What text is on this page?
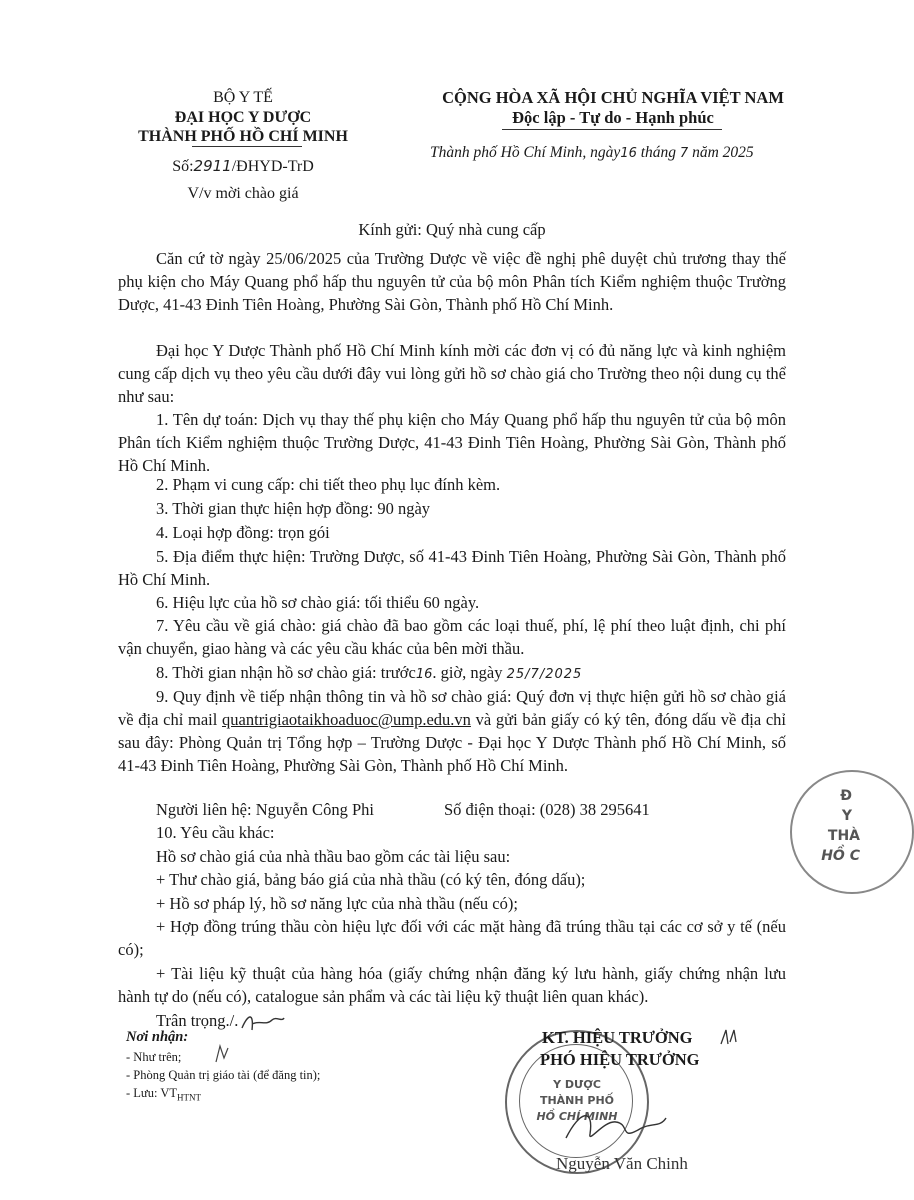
BỘ Y TẾ
ĐẠI HỌC Y DƯỢC
THÀNH PHỐ HỒ CHÍ MINH
Số:2911/ĐHYD-TrD
V/v mời chào giá
CỘNG HÒA XÃ HỘI CHỦ NGHĨA VIỆT NAM
Độc lập - Tự do - Hạnh phúc
Thành phố Hồ Chí Minh, ngày16 tháng 7 năm 2025
Kính gửi: Quý nhà cung cấp
Căn cứ tờ ngày 25/06/2025 của Trường Dược về việc đề nghị phê duyệt chủ trương thay thế phụ kiện cho Máy Quang phổ hấp thu nguyên tử của bộ môn Phân tích Kiểm nghiệm thuộc Trường Dược, 41-43 Đinh Tiên Hoàng, Phường Sài Gòn, Thành phố Hồ Chí Minh.
Đại học Y Dược Thành phố Hồ Chí Minh kính mời các đơn vị có đủ năng lực và kinh nghiệm cung cấp dịch vụ theo yêu cầu dưới đây vui lòng gửi hồ sơ chào giá cho Trường theo nội dung cụ thể như sau:
1. Tên dự toán: Dịch vụ thay thế phụ kiện cho Máy Quang phổ hấp thu nguyên tử của bộ môn Phân tích Kiểm nghiệm thuộc Trường Dược, 41-43 Đinh Tiên Hoàng, Phường Sài Gòn, Thành phố Hồ Chí Minh.
2. Phạm vi cung cấp: chi tiết theo phụ lục đính kèm.
3. Thời gian thực hiện hợp đồng: 90 ngày
4. Loại hợp đồng: trọn gói
5. Địa điểm thực hiện: Trường Dược, số 41-43 Đinh Tiên Hoàng, Phường Sài Gòn, Thành phố Hồ Chí Minh.
6. Hiệu lực của hồ sơ chào giá: tối thiểu 60 ngày.
7. Yêu cầu về giá chào: giá chào đã bao gồm các loại thuế, phí, lệ phí theo luật định, chi phí vận chuyển, giao hàng và các yêu cầu khác của bên mời thầu.
8. Thời gian nhận hồ sơ chào giá: trước16. giờ, ngày 25/7/2025
9. Quy định về tiếp nhận thông tin và hồ sơ chào giá: Quý đơn vị thực hiện gửi hồ sơ chào giá về địa chỉ mail quantrigiaotaikhoaduoc@ump.edu.vn và gửi bản giấy có ký tên, đóng dấu về địa chỉ sau đây: Phòng Quản trị Tổng hợp – Trường Dược - Đại học Y Dược Thành phố Hồ Chí Minh, số 41-43 Đinh Tiên Hoàng, Phường Sài Gòn, Thành phố Hồ Chí Minh.
Người liên hệ: Nguyễn Công Phi	Số điện thoại: (028) 38 295641
10. Yêu cầu khác:
Hồ sơ chào giá của nhà thầu bao gồm các tài liệu sau:
+ Thư chào giá, bảng báo giá của nhà thầu (có ký tên, đóng dấu);
+ Hồ sơ pháp lý, hồ sơ năng lực của nhà thầu (nếu có);
+ Hợp đồng trúng thầu còn hiệu lực đối với các mặt hàng đã trúng thầu tại các cơ sở y tế (nếu có);
+ Tài liệu kỹ thuật của hàng hóa (giấy chứng nhận đăng ký lưu hành, giấy chứng nhận lưu hành tự do (nếu có), catalogue sản phẩm và các tài liệu kỹ thuật liên quan khác).
Trân trọng./.
Nơi nhận:
- Như trên;
- Phòng Quản trị giáo tài (để đăng tin);
- Lưu: $VT_{HTNT}$
Y DƯỢC
THÀNH PHỐ
HỒ CHÍ MINH
KT. HIỆU TRƯỞNG
PHÓ HIỆU TRƯỞNG
Nguyễn Văn Chinh
Đ
Y
THÀ
HỒ C
